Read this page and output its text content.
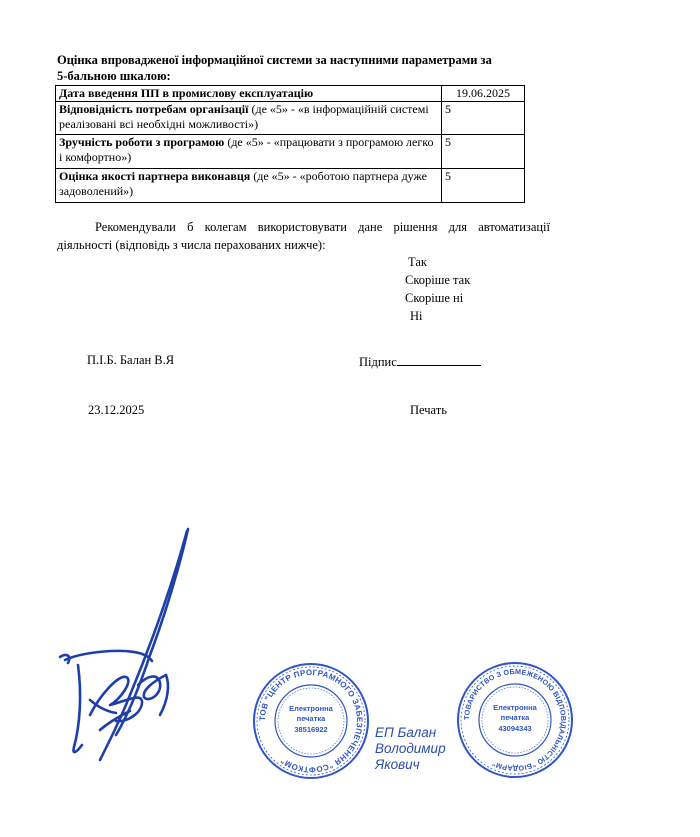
Оцінка впровадженої інформаційної системи за наступними параметрами за
5-бальною шкалою:
Дата введення ПП в промислову експлуатацію	19.06.2025
Відповідність потребам організації (де «5» - «в інформаційній системі реалізовані всі необхідні можливості»)	5
Зручність роботи з програмою (де «5» - «працювати з програмою легко і комфортно»)	5
Оцінка якості партнера виконавця (де «5» - «роботою партнера дуже задоволений»)	5
Рекомендували б колегам використовувати дане рішення для автоматизації діяльності (відповідь з числа перахованих нижче):
Так
Скоріше так
Скоріше ні
Ні
П.І.Б. Балан В.Я	Підпис
23.12.2025	Печать
ТОВ "ЦЕНТР ПРОГРАМНОГО ЗАБЕЗПЕЧЕННЯ "СОФТКОМ"
Електронна
печатка
38516922	ЕП Балан
Володимир
Якович
ТОВАРИСТВО З ОБМЕЖЕНОЮ ВІДПОВІДАЛЬНІСТЮ "БІОДАРМ"
Електронна
печатка
43094343
